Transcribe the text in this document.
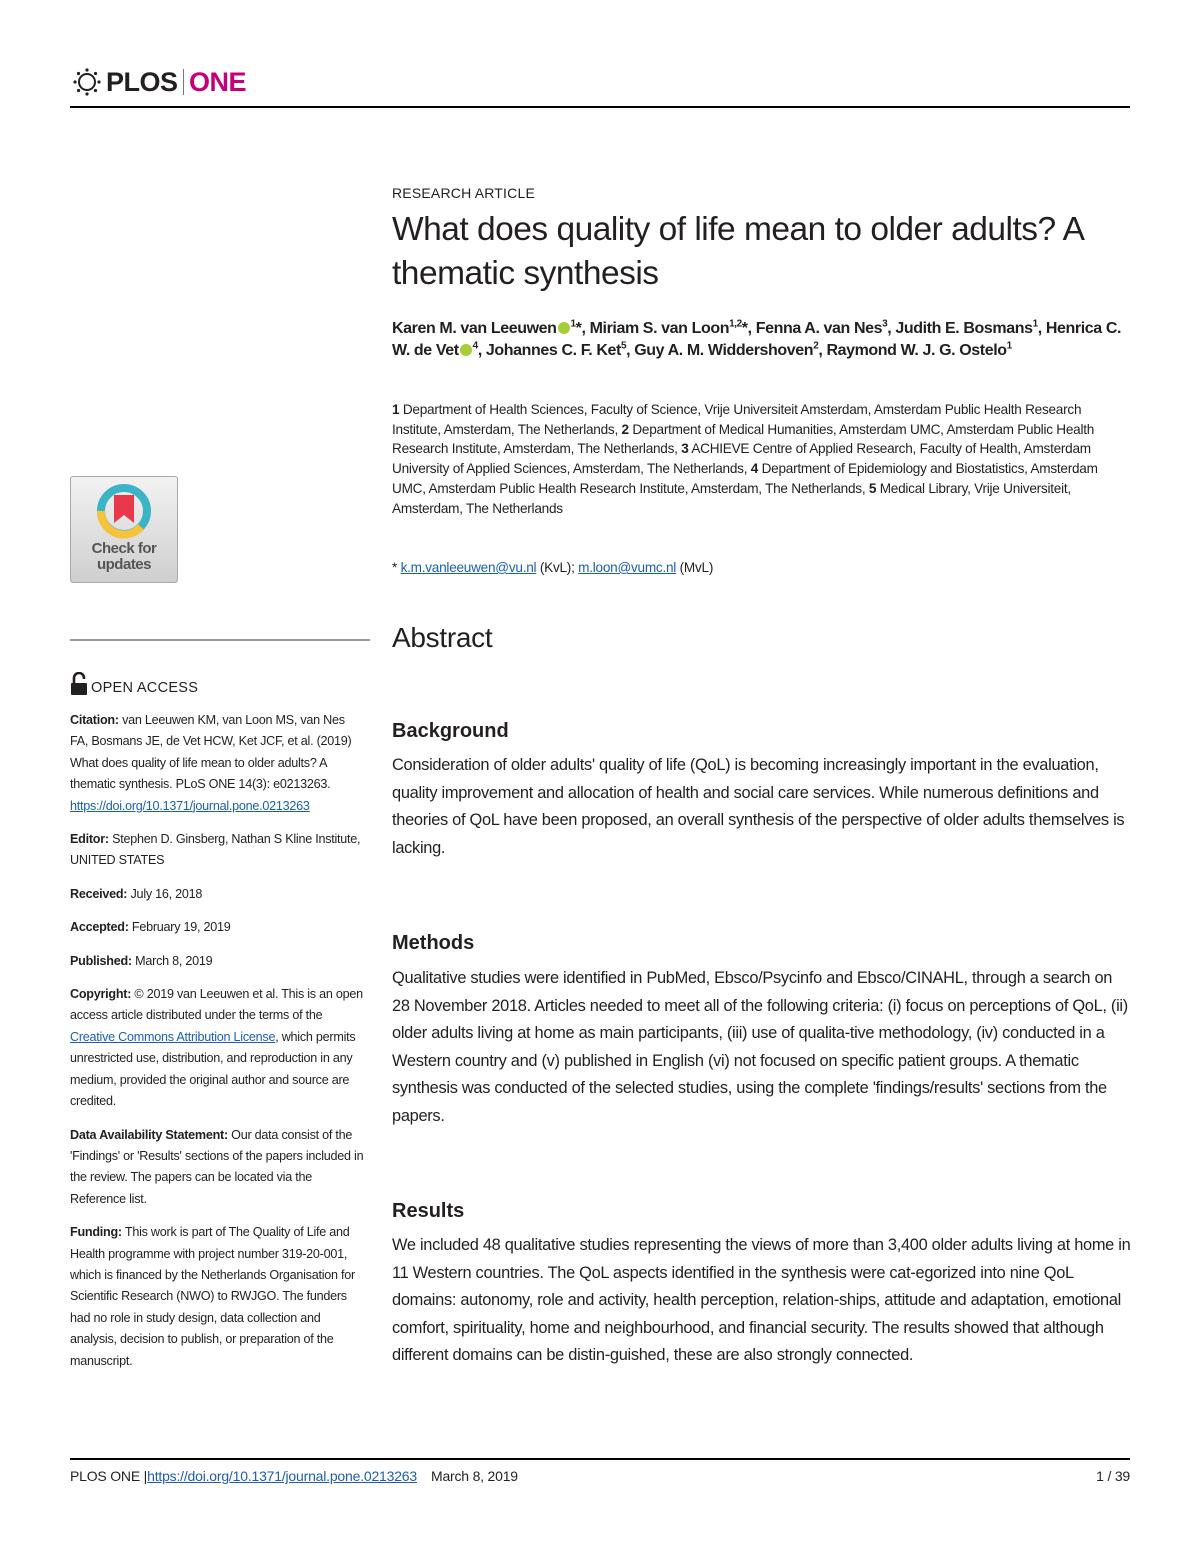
PLOS ONE
Check for
updates
OPEN ACCESS

Citation: van Leeuwen KM, van Loon MS, van Nes FA, Bosmans JE, de Vet HCW, Ket JCF, et al. (2019) What does quality of life mean to older adults? A thematic synthesis. PLoS ONE 14(3): e0213263. https://doi.org/10.1371/journal.pone.0213263

Editor: Stephen D. Ginsberg, Nathan S Kline Institute, UNITED STATES

Received: July 16, 2018

Accepted: February 19, 2019

Published: March 8, 2019

Copyright: © 2019 van Leeuwen et al. This is an open access article distributed under the terms of the Creative Commons Attribution License, which permits unrestricted use, distribution, and reproduction in any medium, provided the original author and source are credited.

Data Availability Statement: Our data consist of the 'Findings' or 'Results' sections of the papers included in the review. The papers can be located via the Reference list.

Funding: This work is part of The Quality of Life and Health programme with project number 319-20-001, which is financed by the Netherlands Organisation for Scientific Research (NWO) to RWJGO. The funders had no role in study design, data collection and analysis, decision to publish, or preparation of the manuscript.

RESEARCH ARTICLE
What does quality of life mean to older adults? A thematic synthesis
Karen M. van Leeuwen $^1$*, Miriam S. van Loon$^{1,2}$*, Fenna A. van Nes$^3$, Judith E. Bosmans$^1$, Henrica C. W. de Vet $^4$, Johannes C. F. Ket$^5$, Guy A. M. Widdershoven$^2$, Raymond W. J. G. Ostelo$^1$
1 Department of Health Sciences, Faculty of Science, Vrije Universiteit Amsterdam, Amsterdam Public Health Research Institute, Amsterdam, The Netherlands, 2 Department of Medical Humanities, Amsterdam UMC, Amsterdam Public Health Research Institute, Amsterdam, The Netherlands, 3 ACHIEVE Centre of Applied Research, Faculty of Health, Amsterdam University of Applied Sciences, Amsterdam, The Netherlands, 4 Department of Epidemiology and Biostatistics, Amsterdam UMC, Amsterdam Public Health Research Institute, Amsterdam, The Netherlands, 5 Medical Library, Vrije Universiteit, Amsterdam, The Netherlands
* k.m.vanleeuwen@vu.nl (KvL); m.loon@vumc.nl (MvL)
Abstract
Background

Consideration of older adults' quality of life (QoL) is becoming increasingly important in the evaluation, quality improvement and allocation of health and social care services. While numerous definitions and theories of QoL have been proposed, an overall synthesis of the perspective of older adults themselves is lacking.

Methods

Qualitative studies were identified in PubMed, Ebsco/Psycinfo and Ebsco/CINAHL, through a search on 28 November 2018. Articles needed to meet all of the following criteria: (i) focus on perceptions of QoL, (ii) older adults living at home as main participants, (iii) use of qualita-tive methodology, (iv) conducted in a Western country and (v) published in English (vi) not focused on specific patient groups. A thematic synthesis was conducted of the selected studies, using the complete 'findings/results' sections from the papers.

Results

We included 48 qualitative studies representing the views of more than 3,400 older adults living at home in 11 Western countries. The QoL aspects identified in the synthesis were cat-egorized into nine QoL domains: autonomy, role and activity, health perception, relation-ships, attitude and adaptation, emotional comfort, spirituality, home and neighbourhood, and financial security. The results showed that although different domains can be distin-guished, these are also strongly connected.

PLOS ONE | https://doi.org/10.1371/journal.pone.0213263 March 8, 2019	1 / 39
